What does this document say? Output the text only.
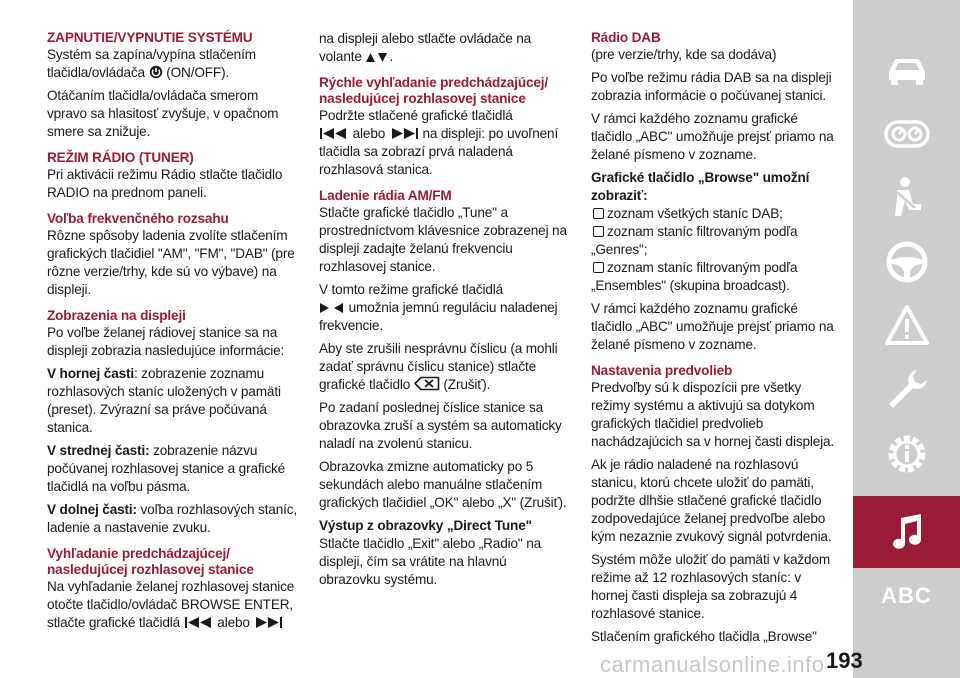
ZAPNUTIE/VYPNUTIE SYSTÉMU

Systém sa zapína/vypína stlačením tlačidla/ovládača (ON/OFF).

Otáčaním tlačidla/ovládača smerom vpravo sa hlasitosť zvyšuje, v opačnom smere sa znižuje.

REŽIM RÁDIO (TUNER)

Pri aktivácii režimu Rádio stlačte tlačidlo RADIO na prednom paneli.

Voľba frekvenčného rozsahu

Rôzne spôsoby ladenia zvolíte stlačením grafických tlačidiel "AM", "FM", "DAB" (pre rôzne verzie/trhy, kde sú vo výbave) na displeji.

Zobrazenia na displeji

Po voľbe želanej rádiovej stanice sa na displeji zobrazia nasledujúce informácie:

V hornej časti: zobrazenie zoznamu rozhlasových staníc uložených v pamäti (preset). Zvýrazní sa práve počúvaná stanica.

V strednej časti: zobrazenie názvu počúvanej rozhlasovej stanice a grafické tlačidlá na voľbu pásma.

V dolnej časti: voľba rozhlasových staníc, ladenie a nastavenie zvuku.

Vyhľadanie predchádzajúcej/ nasledujúcej rozhlasovej stanice

Na vyhľadanie želanej rozhlasovej stanice otočte tlačidlo/ovládač BROWSE ENTER, stlačte grafické tlačidlá	alebo

na displeji alebo stlačte ovládače na volante .

Rýchle vyhľadanie predchádzajúcej/ nasledujúcej rozhlasovej stanice

Podržte stlačené grafické tlačidlá
alebo	na displeji: po uvoľnení tlačidla sa zobrazí prvá naladená rozhlasová stanica.

Ladenie rádia AM/FM

Stlačte grafické tlačidlo „Tune" a prostredníctvom klávesnice zobrazenej na displeji zadajte želanú frekvenciu rozhlasovej stanice.

V tomto režime grafické tlačidlá
umožnia jemnú reguláciu naladenej frekvencie.

Aby ste zrušili nesprávnu číslicu (a mohli zadať správnu číslicu stanice) stlačte grafické tlačidlo (Zrušiť).

Po zadaní poslednej číslice stanice sa obrazovka zruší a systém sa automaticky naladí na zvolenú stanicu.

Obrazovka zmizne automaticky po 5 sekundách alebo manuálne stlačením grafických tlačidiel „OK" alebo „X" (Zrušiť).

Výstup z obrazovky „Direct Tune"

Stlačte tlačidlo „Exit" alebo „Radio" na displeji, čím sa vrátite na hlavnú obrazovku systému.

Rádio DAB

(pre verzie/trhy, kde sa dodáva)

Po voľbe režimu rádia DAB sa na displeji zobrazia informácie o počúvanej stanici.

V rámci každého zoznamu grafické tlačidlo „ABC" umožňuje prejsť priamo na želané písmeno v zozname.

Grafické tlačidlo „Browse" umožní zobraziť:

zoznam všetkých staníc DAB;

zoznam staníc filtrovaným podľa „Genres";

zoznam staníc filtrovaným podľa „Ensembles" (skupina broadcast).

V rámci každého zoznamu grafické tlačidlo „ABC" umožňuje prejsť priamo na želané písmeno v zozname.

Nastavenia predvolieb

Predvoľby sú k dispozícii pre všetky režimy systému a aktivujú sa dotykom grafických tlačidiel predvolieb nachádzajúcich sa v hornej časti displeja.

Ak je rádio naladené na rozhlasovú stanicu, ktorú chcete uložiť do pamäti, podržte dlhšie stlačené grafické tlačidlo zodpovedajúce želanej predvoľbe alebo kým nezaznie zvukový signál potvrdenia.

Systém môže uložiť do pamäti v každom režime až 12 rozhlasových staníc: v hornej časti displeja sa zobrazujú 4 rozhlasové stanice.

Stlačením grafického tlačidla „Browse"

ABC
carmanualsonline.info 193
